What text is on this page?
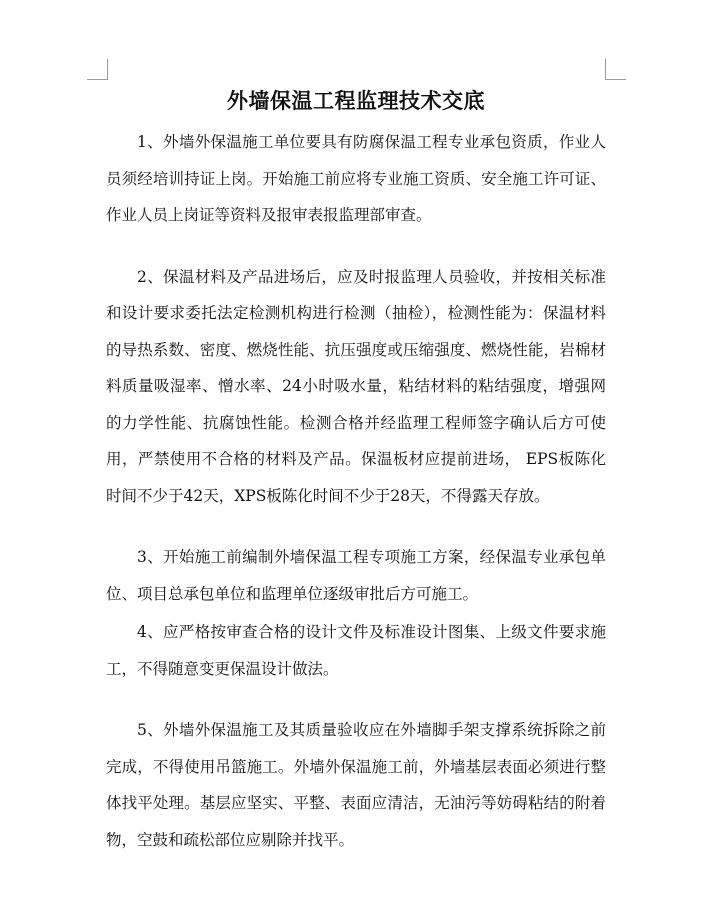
外墙保温工程监理技术交底

1、外墙外保温施工单位要具有防腐保温工程专业承包资质，作业人员须经培训持证上岗。开始施工前应将专业施工资质、安全施工许可证、作业人员上岗证等资料及报审表报监理部审查。

2、保温材料及产品进场后，应及时报监理人员验收，并按相关标准和设计要求委托法定检测机构进行检测（抽检），检测性能为：保温材料的导热系数、密度、燃烧性能、抗压强度或压缩强度、燃烧性能，岩棉材料质量吸湿率、憎水率、24小时吸水量，粘结材料的粘结强度，增强网的力学性能、抗腐蚀性能。检测合格并经监理工程师签字确认后方可使用，严禁使用不合格的材料及产品。保温板材应提前进场， EPS板陈化时间不少于42天，XPS板陈化时间不少于28天，不得露天存放。

3、开始施工前编制外墙保温工程专项施工方案，经保温专业承包单位、项目总承包单位和监理单位逐级审批后方可施工。

4、应严格按审查合格的设计文件及标准设计图集、上级文件要求施工，不得随意变更保温设计做法。

5、外墙外保温施工及其质量验收应在外墙脚手架支撑系统拆除之前完成，不得使用吊篮施工。外墙外保温施工前，外墙基层表面必须进行整体找平处理。基层应坚实、平整、表面应清洁，无油污等妨碍粘结的附着物，空鼓和疏松部位应剔除并找平。
